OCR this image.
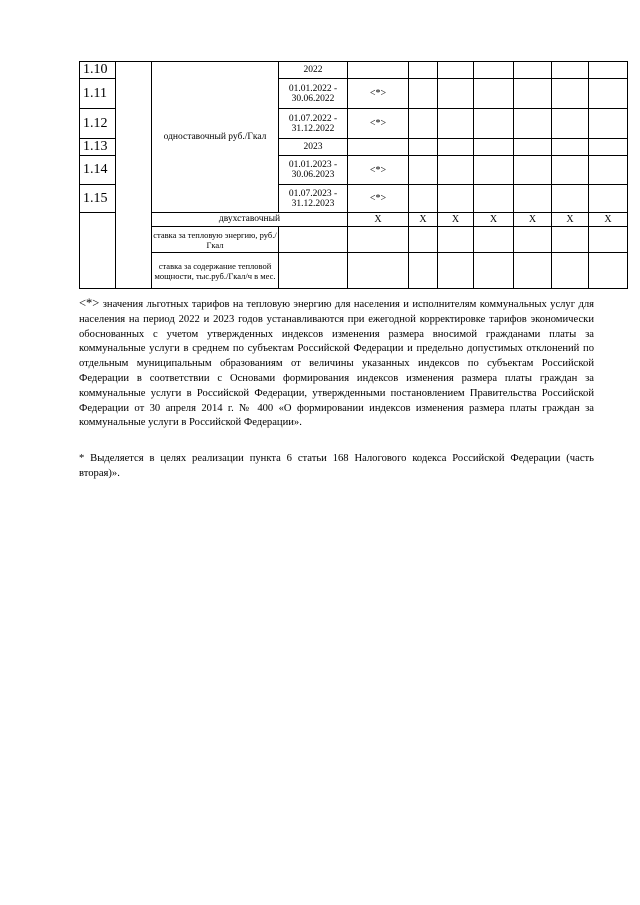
1.10		одноставочный руб./Гкал	2022							
1.11			01.01.2022 - 30.06.2022	<*>						
1.12			01.07.2022 - 31.12.2022	<*>						
1.13			2023							
1.14			01.01.2023 - 30.06.2023	<*>						
1.15			01.07.2023 - 31.12.2023	<*>						
		двухставочный		X	X	X	X	X	X	X
		ставка за тепловую энергию, руб./Гкал								
		ставка за содержание тепловой мощности, тыс.руб./Гкал/ч в мес.								

<*> значения льготных тарифов на тепловую энергию для населения и исполнителям коммунальных услуг для населения на период 2022 и 2023 годов устанавливаются при ежегодной корректировке тарифов экономически обоснованных с учетом утвержденных индексов изменения размера вносимой гражданами платы за коммунальные услуги в среднем по субъектам Российской Федерации и предельно допустимых отклонений по отдельным муниципальным образованиям от величины указанных индексов по субъектам Российской Федерации в соответствии с Основами формирования индексов изменения размера платы граждан за коммунальные услуги в Российской Федерации, утвержденными постановлением Правительства Российской Федерации от 30 апреля 2014 г. № 400 «О формировании индексов изменения размера платы граждан за коммунальные услуги в Российской Федерации».

* Выделяется в целях реализации пункта 6 статьи 168 Налогового кодекса Российской Федерации (часть вторая)».
